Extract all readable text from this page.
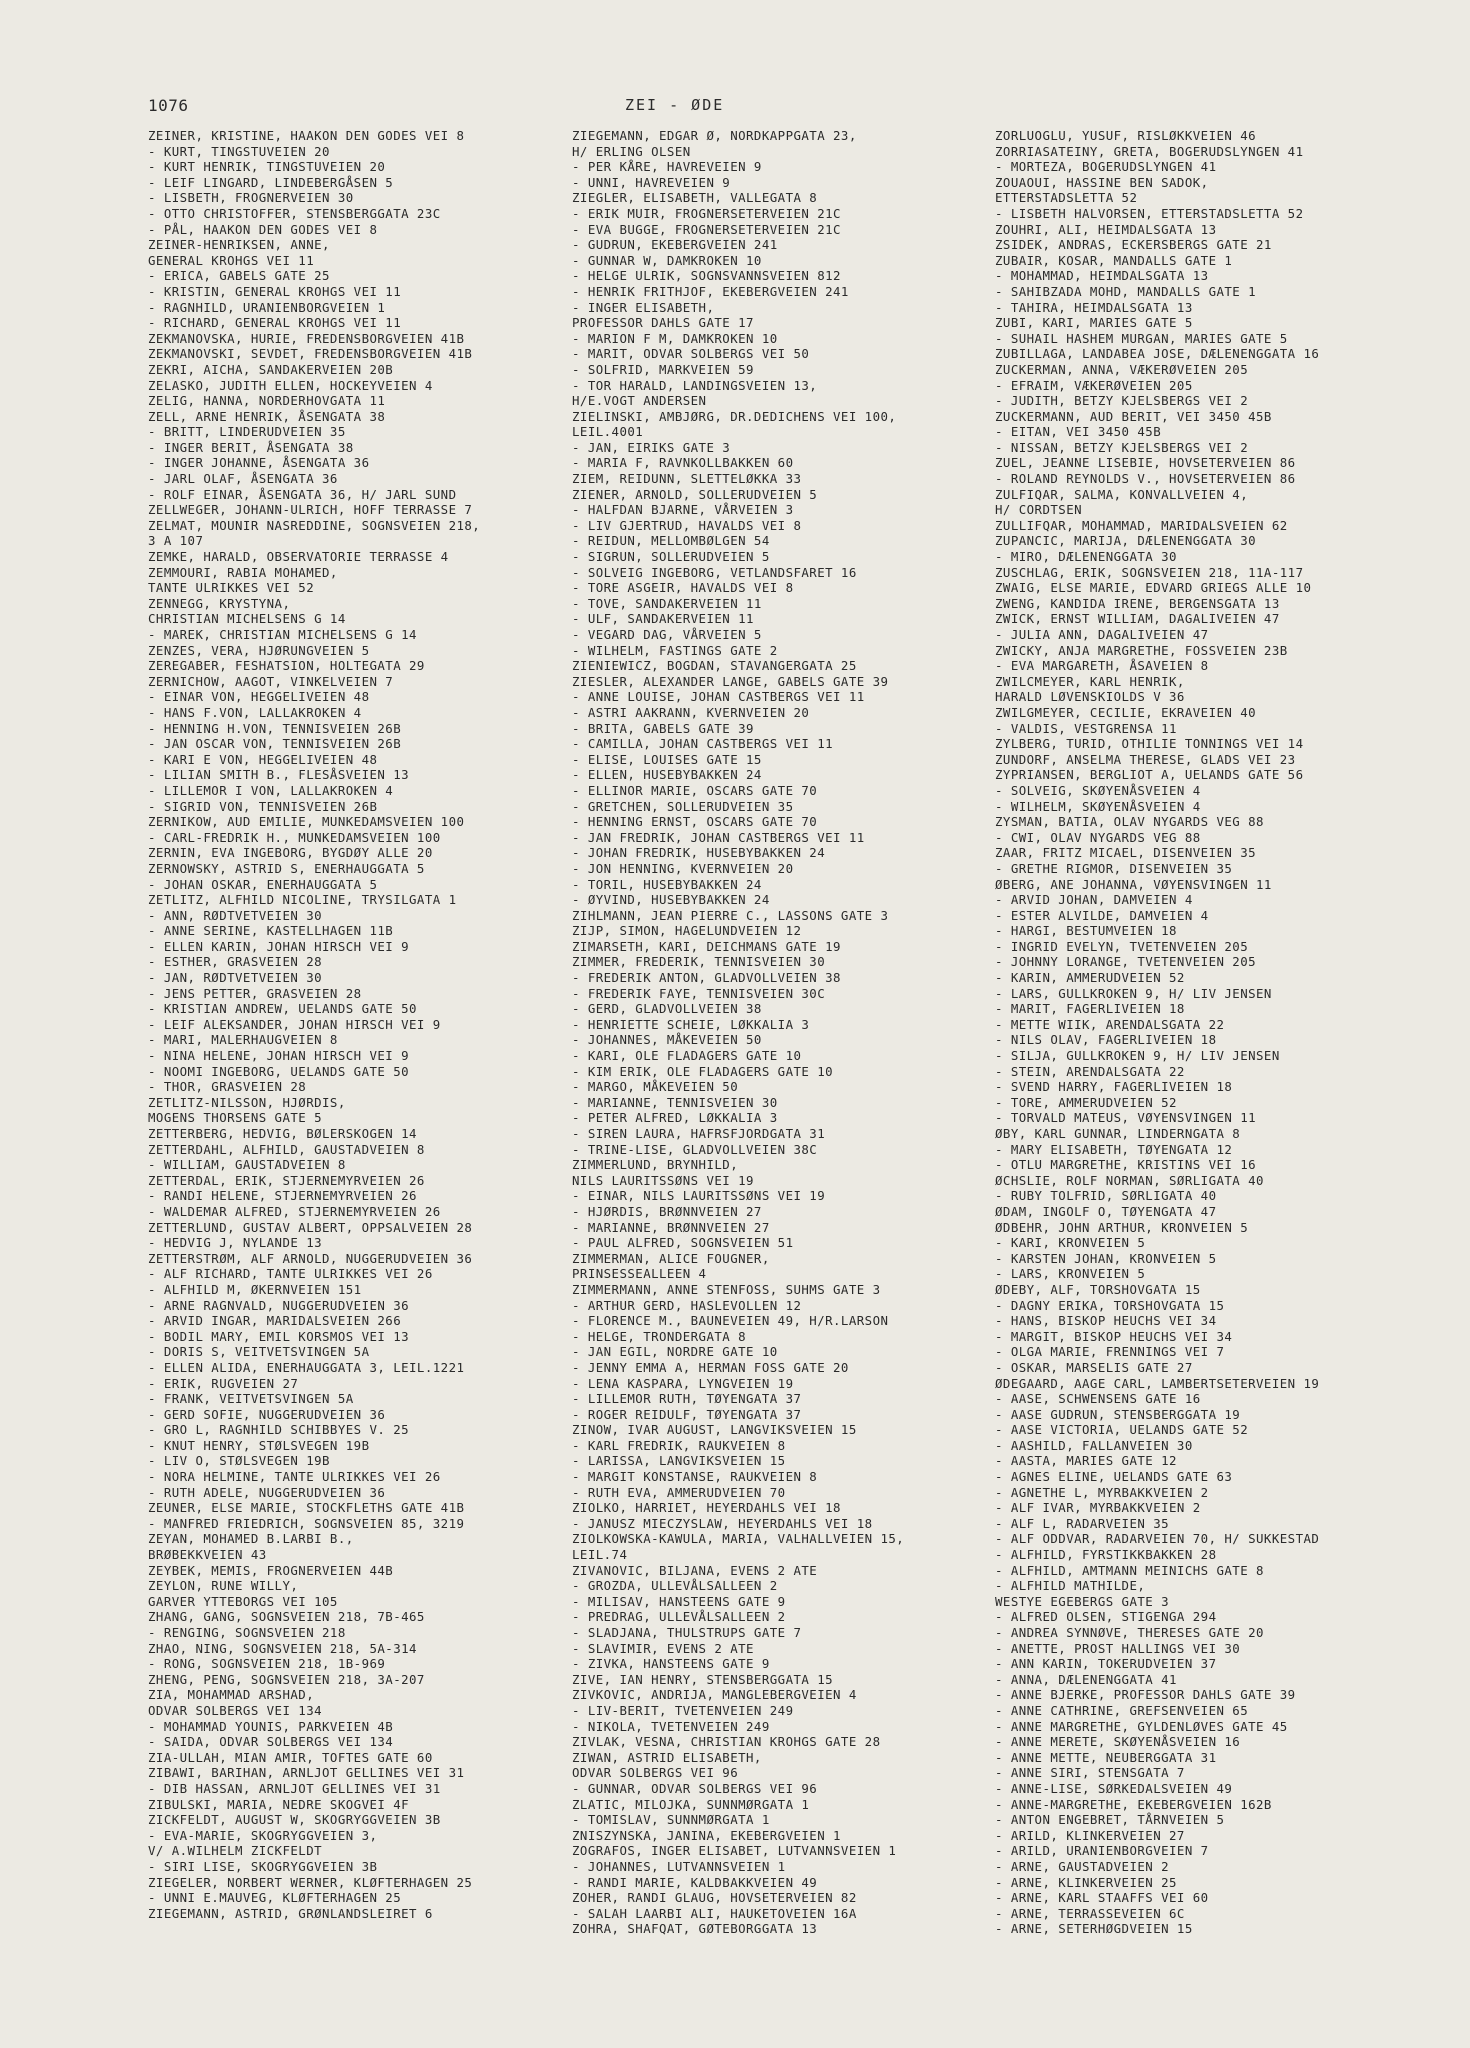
1076	ZEI - ØDE
ZEINER, KRISTINE, HAAKON DEN GODES VEI 8
- KURT, TINGSTUVEIEN 20
- KURT HENRIK, TINGSTUVEIEN 20
- LEIF LINGARD, LINDEBERGÅSEN 5
- LISBETH, FROGNERVEIEN 30
- OTTO CHRISTOFFER, STENSBERGGATA 23C
- PÅL, HAAKON DEN GODES VEI 8
ZEINER-HENRIKSEN, ANNE,
GENERAL KROHGS VEI 11
- ERICA, GABELS GATE 25
- KRISTIN, GENERAL KROHGS VEI 11
- RAGNHILD, URANIENBORGVEIEN 1
- RICHARD, GENERAL KROHGS VEI 11
ZEKMANOVSKA, HURIE, FREDENSBORGVEIEN 41B
ZEKMANOVSKI, SEVDET, FREDENSBORGVEIEN 41B
ZEKRI, AICHA, SANDAKERVEIEN 20B
ZELASKO, JUDITH ELLEN, HOCKEYVEIEN 4
ZELIG, HANNA, NORDERHOVGATA 11
ZELL, ARNE HENRIK, ÅSENGATA 38
- BRITT, LINDERUDVEIEN 35
- INGER BERIT, ÅSENGATA 38
- INGER JOHANNE, ÅSENGATA 36
- JARL OLAF, ÅSENGATA 36
- ROLF EINAR, ÅSENGATA 36, H/ JARL SUND
ZELLWEGER, JOHANN-ULRICH, HOFF TERRASSE 7
ZELMAT, MOUNIR NASREDDINE, SOGNSVEIEN 218,
3 A 107
ZEMKE, HARALD, OBSERVATORIE TERRASSE 4
ZEMMOURI, RABIA MOHAMED,
TANTE ULRIKKES VEI 52
ZENNEGG, KRYSTYNA,
CHRISTIAN MICHELSENS G 14
- MAREK, CHRISTIAN MICHELSENS G 14
ZENZES, VERA, HJØRUNGVEIEN 5
ZEREGABER, FESHATSION, HOLTEGATA 29
ZERNICHOW, AAGOT, VINKELVEIEN 7
- EINAR VON, HEGGELIVEIEN 48
- HANS F.VON, LALLAKROKEN 4
- HENNING H.VON, TENNISVEIEN 26B
- JAN OSCAR VON, TENNISVEIEN 26B
- KARI E VON, HEGGELIVEIEN 48
- LILIAN SMITH B., FLESÅSVEIEN 13
- LILLEMOR I VON, LALLAKROKEN 4
- SIGRID VON, TENNISVEIEN 26B
ZERNIKOW, AUD EMILIE, MUNKEDAMSVEIEN 100
- CARL-FREDRIK H., MUNKEDAMSVEIEN 100
ZERNIN, EVA INGEBORG, BYGDØY ALLE 20
ZERNOWSKY, ASTRID S, ENERHAUGGATA 5
- JOHAN OSKAR, ENERHAUGGATA 5
ZETLITZ, ALFHILD NICOLINE, TRYSILGATA 1
- ANN, RØDTVETVEIEN 30
- ANNE SERINE, KASTELLHAGEN 11B
- ELLEN KARIN, JOHAN HIRSCH VEI 9
- ESTHER, GRASVEIEN 28
- JAN, RØDTVETVEIEN 30
- JENS PETTER, GRASVEIEN 28
- KRISTIAN ANDREW, UELANDS GATE 50
- LEIF ALEKSANDER, JOHAN HIRSCH VEI 9
- MARI, MALERHAUGVEIEN 8
- NINA HELENE, JOHAN HIRSCH VEI 9
- NOOMI INGEBORG, UELANDS GATE 50
- THOR, GRASVEIEN 28
ZETLITZ-NILSSON, HJØRDIS,
MOGENS THORSENS GATE 5
ZETTERBERG, HEDVIG, BØLERSKOGEN 14
ZETTERDAHL, ALFHILD, GAUSTADVEIEN 8
- WILLIAM, GAUSTADVEIEN 8
ZETTERDAL, ERIK, STJERNEMYRVEIEN 26
- RANDI HELENE, STJERNEMYRVEIEN 26
- WALDEMAR ALFRED, STJERNEMYRVEIEN 26
ZETTERLUND, GUSTAV ALBERT, OPPSALVEIEN 28
- HEDVIG J, NYLANDE 13
ZETTERSTRØM, ALF ARNOLD, NUGGERUDVEIEN 36
- ALF RICHARD, TANTE ULRIKKES VEI 26
- ALFHILD M, ØKERNVEIEN 151
- ARNE RAGNVALD, NUGGERUDVEIEN 36
- ARVID INGAR, MARIDALSVEIEN 266
- BODIL MARY, EMIL KORSMOS VEI 13
- DORIS S, VEITVETSVINGEN 5A
- ELLEN ALIDA, ENERHAUGGATA 3, LEIL.1221
- ERIK, RUGVEIEN 27
- FRANK, VEITVETSVINGEN 5A
- GERD SOFIE, NUGGERUDVEIEN 36
- GRO L, RAGNHILD SCHIBBYES V. 25
- KNUT HENRY, STØLSVEGEN 19B
- LIV O, STØLSVEGEN 19B
- NORA HELMINE, TANTE ULRIKKES VEI 26
- RUTH ADELE, NUGGERUDVEIEN 36
ZEUNER, ELSE MARIE, STOCKFLETHS GATE 41B
- MANFRED FRIEDRICH, SOGNSVEIEN 85, 3219
ZEYAN, MOHAMED B.LARBI B.,
BRØBEKKVEIEN 43
ZEYBEK, MEMIS, FROGNERVEIEN 44B
ZEYLON, RUNE WILLY,
GARVER YTTEBORGS VEI 105
ZHANG, GANG, SOGNSVEIEN 218, 7B-465
- RENGING, SOGNSVEIEN 218
ZHAO, NING, SOGNSVEIEN 218, 5A-314
- RONG, SOGNSVEIEN 218, 1B-969
ZHENG, PENG, SOGNSVEIEN 218, 3A-207
ZIA, MOHAMMAD ARSHAD,
ODVAR SOLBERGS VEI 134
- MOHAMMAD YOUNIS, PARKVEIEN 4B
- SAIDA, ODVAR SOLBERGS VEI 134
ZIA-ULLAH, MIAN AMIR, TOFTES GATE 60
ZIBAWI, BARIHAN, ARNLJOT GELLINES VEI 31
- DIB HASSAN, ARNLJOT GELLINES VEI 31
ZIBULSKI, MARIA, NEDRE SKOGVEI 4F
ZICKFELDT, AUGUST W, SKOGRYGGVEIEN 3B
- EVA-MARIE, SKOGRYGGVEIEN 3,
V/ A.WILHELM ZICKFELDT
- SIRI LISE, SKOGRYGGVEIEN 3B
ZIEGELER, NORBERT WERNER, KLØFTERHAGEN 25
- UNNI E.MAUVEG, KLØFTERHAGEN 25
ZIEGEMANN, ASTRID, GRØNLANDSLEIRET 6
ZIEGEMANN, EDGAR Ø, NORDKAPPGATA 23,
H/ ERLING OLSEN
- PER KÅRE, HAVREVEIEN 9
- UNNI, HAVREVEIEN 9
ZIEGLER, ELISABETH, VALLEGATA 8
- ERIK MUIR, FROGNERSETERVEIEN 21C
- EVA BUGGE, FROGNERSETERVEIEN 21C
- GUDRUN, EKEBERGVEIEN 241
- GUNNAR W, DAMKROKEN 10
- HELGE ULRIK, SOGNSVANNSVEIEN 812
- HENRIK FRITHJOF, EKEBERGVEIEN 241
- INGER ELISABETH,
PROFESSOR DAHLS GATE 17
- MARION F M, DAMKROKEN 10
- MARIT, ODVAR SOLBERGS VEI 50
- SOLFRID, MARKVEIEN 59
- TOR HARALD, LANDINGSVEIEN 13,
H/E.VOGT ANDERSEN
ZIELINSKI, AMBJØRG, DR.DEDICHENS VEI 100,
LEIL.4001
- JAN, EIRIKS GATE 3
- MARIA F, RAVNKOLLBAKKEN 60
ZIEM, REIDUNN, SLETTELØKKA 33
ZIENER, ARNOLD, SOLLERUDVEIEN 5
- HALFDAN BJARNE, VÅRVEIEN 3
- LIV GJERTRUD, HAVALDS VEI 8
- REIDUN, MELLOMBØLGEN 54
- SIGRUN, SOLLERUDVEIEN 5
- SOLVEIG INGEBORG, VETLANDSFARET 16
- TORE ASGEIR, HAVALDS VEI 8
- TOVE, SANDAKERVEIEN 11
- ULF, SANDAKERVEIEN 11
- VEGARD DAG, VÅRVEIEN 5
- WILHELM, FASTINGS GATE 2
ZIENIEWICZ, BOGDAN, STAVANGERGATA 25
ZIESLER, ALEXANDER LANGE, GABELS GATE 39
- ANNE LOUISE, JOHAN CASTBERGS VEI 11
- ASTRI AAKRANN, KVERNVEIEN 20
- BRITA, GABELS GATE 39
- CAMILLA, JOHAN CASTBERGS VEI 11
- ELISE, LOUISES GATE 15
- ELLEN, HUSEBYBAKKEN 24
- ELLINOR MARIE, OSCARS GATE 70
- GRETCHEN, SOLLERUDVEIEN 35
- HENNING ERNST, OSCARS GATE 70
- JAN FREDRIK, JOHAN CASTBERGS VEI 11
- JOHAN FREDRIK, HUSEBYBAKKEN 24
- JON HENNING, KVERNVEIEN 20
- TORIL, HUSEBYBAKKEN 24
- ØYVIND, HUSEBYBAKKEN 24
ZIHLMANN, JEAN PIERRE C., LASSONS GATE 3
ZIJP, SIMON, HAGELUNDVEIEN 12
ZIMARSETH, KARI, DEICHMANS GATE 19
ZIMMER, FREDERIK, TENNISVEIEN 30
- FREDERIK ANTON, GLADVOLLVEIEN 38
- FREDERIK FAYE, TENNISVEIEN 30C
- GERD, GLADVOLLVEIEN 38
- HENRIETTE SCHEIE, LØKKALIA 3
- JOHANNES, MÅKEVEIEN 50
- KARI, OLE FLADAGERS GATE 10
- KIM ERIK, OLE FLADAGERS GATE 10
- MARGO, MÅKEVEIEN 50
- MARIANNE, TENNISVEIEN 30
- PETER ALFRED, LØKKALIA 3
- SIREN LAURA, HAFRSFJORDGATA 31
- TRINE-LISE, GLADVOLLVEIEN 38C
ZIMMERLUND, BRYNHILD,
NILS LAURITSSØNS VEI 19
- EINAR, NILS LAURITSSØNS VEI 19
- HJØRDIS, BRØNNVEIEN 27
- MARIANNE, BRØNNVEIEN 27
- PAUL ALFRED, SOGNSVEIEN 51
ZIMMERMAN, ALICE FOUGNER,
PRINSESSEALLEEN 4
ZIMMERMANN, ANNE STENFOSS, SUHMS GATE 3
- ARTHUR GERD, HASLEVOLLEN 12
- FLORENCE M., BAUNEVEIEN 49, H/R.LARSON
- HELGE, TRONDERGATA 8
- JAN EGIL, NORDRE GATE 10
- JENNY EMMA A, HERMAN FOSS GATE 20
- LENA KASPARA, LYNGVEIEN 19
- LILLEMOR RUTH, TØYENGATA 37
- ROGER REIDULF, TØYENGATA 37
ZINOW, IVAR AUGUST, LANGVIKSVEIEN 15
- KARL FREDRIK, RAUKVEIEN 8
- LARISSA, LANGVIKSVEIEN 15
- MARGIT KONSTANSE, RAUKVEIEN 8
- RUTH EVA, AMMERUDVEIEN 70
ZIOLKO, HARRIET, HEYERDAHLS VEI 18
- JANUSZ MIECZYSLAW, HEYERDAHLS VEI 18
ZIOLKOWSKA-KAWULA, MARIA, VALHALLVEIEN 15,
LEIL.74
ZIVANOVIC, BILJANA, EVENS 2 ATE
- GROZDA, ULLEVÅLSALLEEN 2
- MILISAV, HANSTEENS GATE 9
- PREDRAG, ULLEVÅLSALLEEN 2
- SLADJANA, THULSTRUPS GATE 7
- SLAVIMIR, EVENS 2 ATE
- ZIVKA, HANSTEENS GATE 9
ZIVE, IAN HENRY, STENSBERGGATA 15
ZIVKOVIC, ANDRIJA, MANGLEBERGVEIEN 4
- LIV-BERIT, TVETENVEIEN 249
- NIKOLA, TVETENVEIEN 249
ZIVLAK, VESNA, CHRISTIAN KROHGS GATE 28
ZIWAN, ASTRID ELISABETH,
ODVAR SOLBERGS VEI 96
- GUNNAR, ODVAR SOLBERGS VEI 96
ZLATIC, MILOJKA, SUNNMØRGATA 1
- TOMISLAV, SUNNMØRGATA 1
ZNISZYNSKA, JANINA, EKEBERGVEIEN 1
ZOGRAFOS, INGER ELISABET, LUTVANNSVEIEN 1
- JOHANNES, LUTVANNSVEIEN 1
- RANDI MARIE, KALDBAKKVEIEN 49
ZOHER, RANDI GLAUG, HOVSETERVEIEN 82
- SALAH LAARBI ALI, HAUKETOVEIEN 16A
ZOHRA, SHAFQAT, GØTEBORGGATA 13
ZORLUOGLU, YUSUF, RISLØKKVEIEN 46
ZORRIASATEINY, GRETA, BOGERUDSLYNGEN 41
- MORTEZA, BOGERUDSLYNGEN 41
ZOUAOUI, HASSINE BEN SADOK,
ETTERSTADSLETTA 52
- LISBETH HALVORSEN, ETTERSTADSLETTA 52
ZOUHRI, ALI, HEIMDALSGATA 13
ZSIDEK, ANDRAS, ECKERSBERGS GATE 21
ZUBAIR, KOSAR, MANDALLS GATE 1
- MOHAMMAD, HEIMDALSGATA 13
- SAHIBZADA MOHD, MANDALLS GATE 1
- TAHIRA, HEIMDALSGATA 13
ZUBI, KARI, MARIES GATE 5
- SUHAIL HASHEM MURGAN, MARIES GATE 5
ZUBILLAGA, LANDABEA JOSE, DÆLENENGGATA 16
ZUCKERMAN, ANNA, VÆKERØVEIEN 205
- EFRAIM, VÆKERØVEIEN 205
- JUDITH, BETZY KJELSBERGS VEI 2
ZUCKERMANN, AUD BERIT, VEI 3450 45B
- EITAN, VEI 3450 45B
- NISSAN, BETZY KJELSBERGS VEI 2
ZUEL, JEANNE LISEBIE, HOVSETERVEIEN 86
- ROLAND REYNOLDS V., HOVSETERVEIEN 86
ZULFIQAR, SALMA, KONVALLVEIEN 4,
H/ CORDTSEN
ZULLIFQAR, MOHAMMAD, MARIDALSVEIEN 62
ZUPANCIC, MARIJA, DÆLENENGGATA 30
- MIRO, DÆLENENGGATA 30
ZUSCHLAG, ERIK, SOGNSVEIEN 218, 11A-117
ZWAIG, ELSE MARIE, EDVARD GRIEGS ALLE 10
ZWENG, KANDIDA IRENE, BERGENSGATA 13
ZWICK, ERNST WILLIAM, DAGALIVEIEN 47
- JULIA ANN, DAGALIVEIEN 47
ZWICKY, ANJA MARGRETHE, FOSSVEIEN 23B
- EVA MARGARETH, ÅSAVEIEN 8
ZWILCMEYER, KARL HENRIK,
HARALD LØVENSKIOLDS V 36
ZWILGMEYER, CECILIE, EKRAVEIEN 40
- VALDIS, VESTGRENSA 11
ZYLBERG, TURID, OTHILIE TONNINGS VEI 14
ZUNDORF, ANSELMA THERESE, GLADS VEI 23
ZYPRIANSEN, BERGLIOT A, UELANDS GATE 56
- SOLVEIG, SKØYENÅSVEIEN 4
- WILHELM, SKØYENÅSVEIEN 4
ZYSMAN, BATIA, OLAV NYGARDS VEG 88
- CWI, OLAV NYGARDS VEG 88
ZAAR, FRITZ MICAEL, DISENVEIEN 35
- GRETHE RIGMOR, DISENVEIEN 35
ØBERG, ANE JOHANNA, VØYENSVINGEN 11
- ARVID JOHAN, DAMVEIEN 4
- ESTER ALVILDE, DAMVEIEN 4
- HARGI, BESTUMVEIEN 18
- INGRID EVELYN, TVETENVEIEN 205
- JOHNNY LORANGE, TVETENVEIEN 205
- KARIN, AMMERUDVEIEN 52
- LARS, GULLKROKEN 9, H/ LIV JENSEN
- MARIT, FAGERLIVEIEN 18
- METTE WIIK, ARENDALSGATA 22
- NILS OLAV, FAGERLIVEIEN 18
- SILJA, GULLKROKEN 9, H/ LIV JENSEN
- STEIN, ARENDALSGATA 22
- SVEND HARRY, FAGERLIVEIEN 18
- TORE, AMMERUDVEIEN 52
- TORVALD MATEUS, VØYENSVINGEN 11
ØBY, KARL GUNNAR, LINDERNGATA 8
- MARY ELISABETH, TØYENGATA 12
- OTLU MARGRETHE, KRISTINS VEI 16
ØCHSLIE, ROLF NORMAN, SØRLIGATA 40
- RUBY TOLFRID, SØRLIGATA 40
ØDAM, INGOLF O, TØYENGATA 47
ØDBEHR, JOHN ARTHUR, KRONVEIEN 5
- KARI, KRONVEIEN 5
- KARSTEN JOHAN, KRONVEIEN 5
- LARS, KRONVEIEN 5
ØDEBY, ALF, TORSHOVGATA 15
- DAGNY ERIKA, TORSHOVGATA 15
- HANS, BISKOP HEUCHS VEI 34
- MARGIT, BISKOP HEUCHS VEI 34
- OLGA MARIE, FRENNINGS VEI 7
- OSKAR, MARSELIS GATE 27
ØDEGAARD, AAGE CARL, LAMBERTSETERVEIEN 19
- AASE, SCHWENSENS GATE 16
- AASE GUDRUN, STENSBERGGATA 19
- AASE VICTORIA, UELANDS GATE 52
- AASHILD, FALLANVEIEN 30
- AASTA, MARIES GATE 12
- AGNES ELINE, UELANDS GATE 63
- AGNETHE L, MYRBAKKVEIEN 2
- ALF IVAR, MYRBAKKVEIEN 2
- ALF L, RADARVEIEN 35
- ALF ODDVAR, RADARVEIEN 70, H/ SUKKESTAD
- ALFHILD, FYRSTIKKBAKKEN 28
- ALFHILD, AMTMANN MEINICHS GATE 8
- ALFHILD MATHILDE,
WESTYE EGEBERGS GATE 3
- ALFRED OLSEN, STIGENGA 294
- ANDREA SYNNØVE, THERESES GATE 20
- ANETTE, PROST HALLINGS VEI 30
- ANN KARIN, TOKERUDVEIEN 37
- ANNA, DÆLENENGGATA 41
- ANNE BJERKE, PROFESSOR DAHLS GATE 39
- ANNE CATHRINE, GREFSENVEIEN 65
- ANNE MARGRETHE, GYLDENLØVES GATE 45
- ANNE MERETE, SKØYENÅSVEIEN 16
- ANNE METTE, NEUBERGGATA 31
- ANNE SIRI, STENSGATA 7
- ANNE-LISE, SØRKEDALSVEIEN 49
- ANNE-MARGRETHE, EKEBERGVEIEN 162B
- ANTON ENGEBRET, TÅRNVEIEN 5
- ARILD, KLINKERVEIEN 27
- ARILD, URANIENBORGVEIEN 7
- ARNE, GAUSTADVEIEN 2
- ARNE, KLINKERVEIEN 25
- ARNE, KARL STAAFFS VEI 60
- ARNE, TERRASSEVEIEN 6C
- ARNE, SETERHØGDVEIEN 15
